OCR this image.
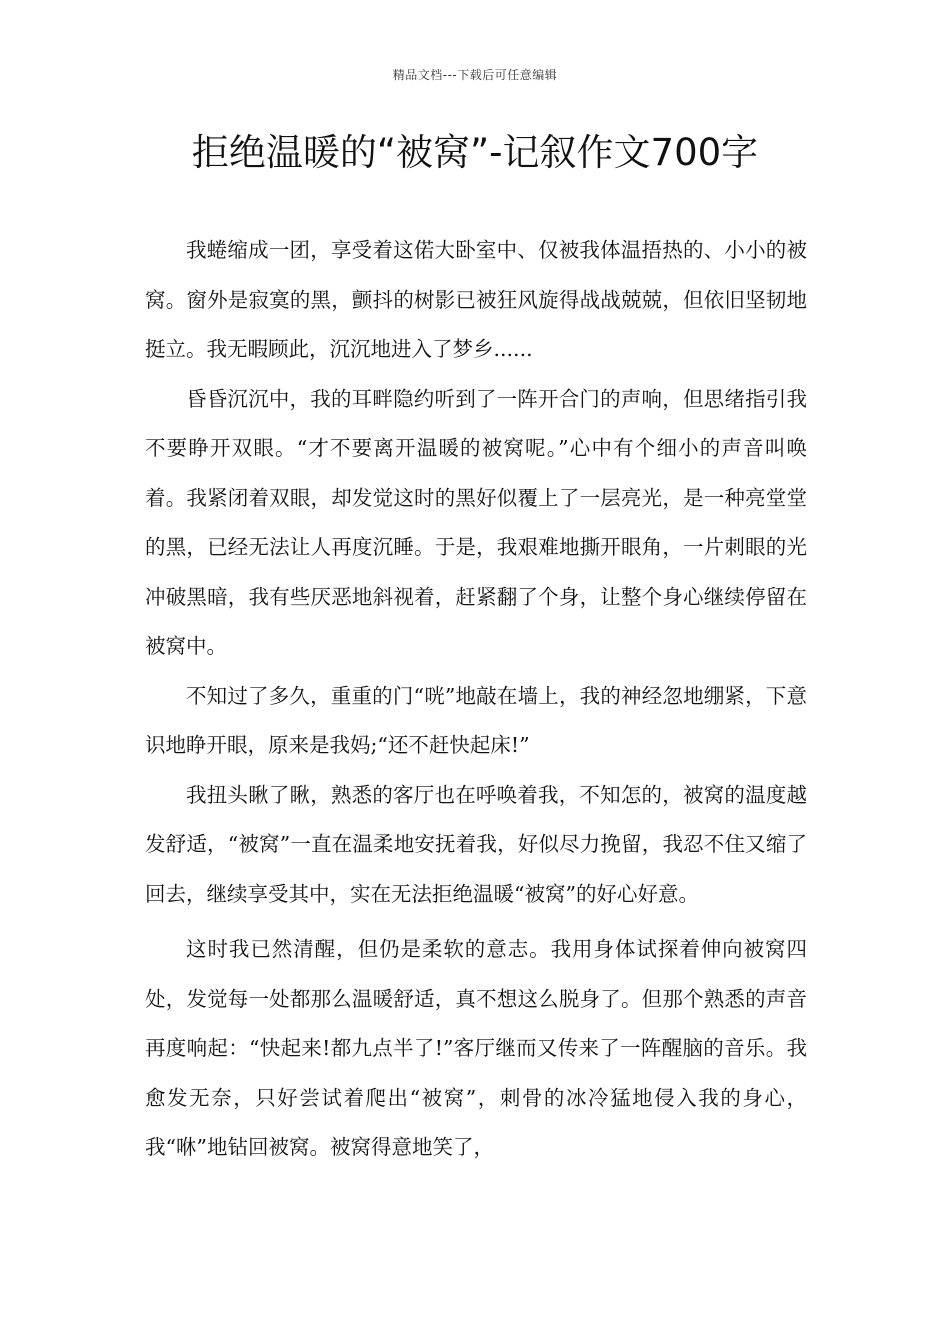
精品文档---下载后可任意编辑
拒绝温暖的“被窝”-记叙作文700字

我蜷缩成一团，享受着这偌大卧室中、仅被我体温捂热的、小小的被窝。窗外是寂寞的黑，颤抖的树影已被狂风旋得战战兢兢，但依旧坚韧地挺立。我无暇顾此，沉沉地进入了梦乡......

昏昏沉沉中，我的耳畔隐约听到了一阵开合门的声响，但思绪指引我不要睁开双眼。“才不要离开温暖的被窝呢。”心中有个细小的声音叫唤着。我紧闭着双眼，却发觉这时的黑好似覆上了一层亮光，是一种亮堂堂的黑，已经无法让人再度沉睡。于是，我艰难地撕开眼角，一片刺眼的光冲破黑暗，我有些厌恶地斜视着，赶紧翻了个身，让整个身心继续停留在被窝中。

不知过了多久，重重的门“咣”地敲在墙上，我的神经忽地绷紧，下意识地睁开眼，原来是我妈;“还不赶快起床!”

我扭头瞅了瞅，熟悉的客厅也在呼唤着我，不知怎的，被窝的温度越发舒适，“被窝”一直在温柔地安抚着我，好似尽力挽留，我忍不住又缩了回去，继续享受其中，实在无法拒绝温暖“被窝”的好心好意。

这时我已然清醒，但仍是柔软的意志。我用身体试探着伸向被窝四处，发觉每一处都那么温暖舒适，真不想这么脱身了。但那个熟悉的声音再度响起：“快起来!都九点半了!”客厅继而又传来了一阵醒脑的音乐。我愈发无奈，只好尝试着爬出“被窝”，刺骨的冰冷猛地侵入我的身心，我“咻”地钻回被窝。被窝得意地笑了，
